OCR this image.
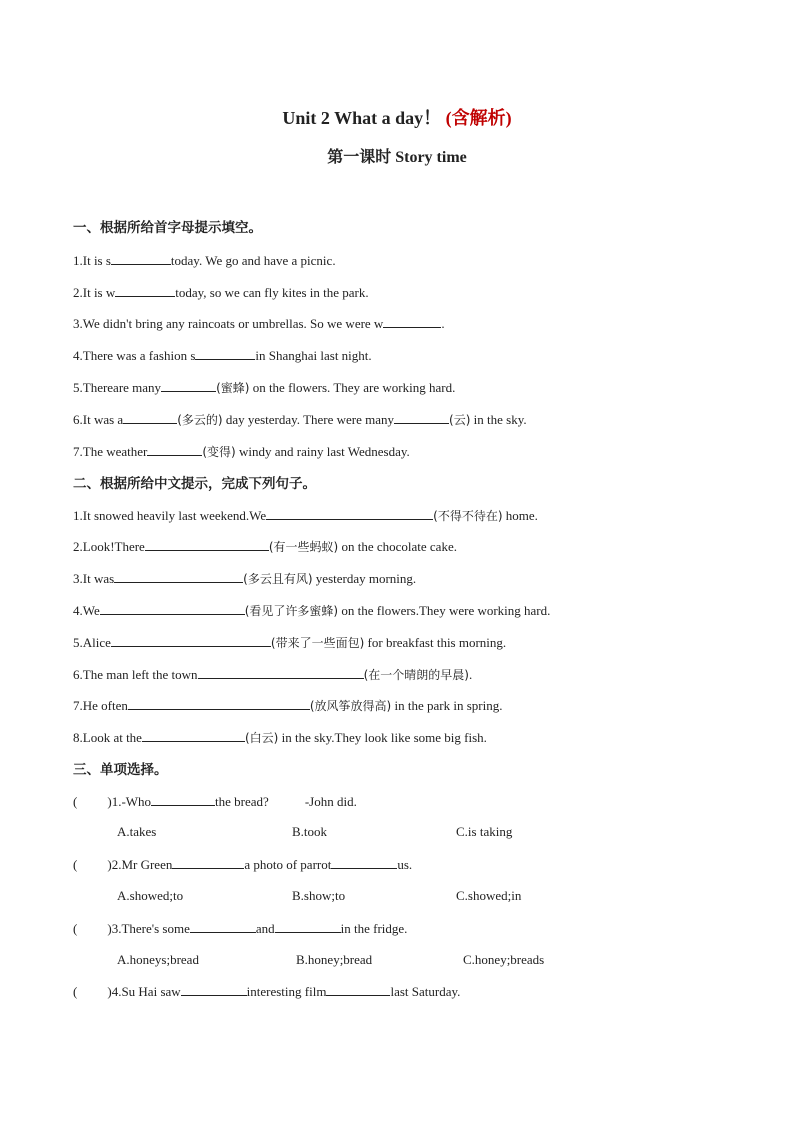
Unit 2 What a day！ (含解析)
第一课时 Story time
一、根据所给首字母提示填空。
1.It is s	today. We go and have a picnic.
2.It is w	today, so we can fly kites in the park.
3.We didn't bring any raincoats or umbrellas. So we were w	.
4.There was a fashion s	in Shanghai last night.
5.Thereare many	(蜜蜂) on the flowers. They are working hard.
6.It was a	(多云的) day yesterday. There were many	(云) in the sky.
7.The weather	(变得) windy and rainy last Wednesday.
二、根据所给中文提示，完成下列句子。
1.It snowed heavily last weekend.We	(不得不待在) home.
2.Look!There	(有一些蚂蚁) on the chocolate cake.
3.It was	(多云且有风) yesterday morning.
4.We	(看见了许多蜜蜂) on the flowers.They were working hard.
5.Alice	(带来了一些面包) for breakfast this morning.
6.The man left the town	(在一个晴朗的早晨).
7.He often	(放风筝放得高) in the park in spring.
8.Look at the	(白云) in the sky.They look like some big fish.
三、单项选择。
( )1.-Who	the bread?	-John did.
A.takes	B.took	C.is taking
( )2.Mr Green	a photo of parrot	us.
A.showed;to	B.show;to	C.showed;in
( )3.There's some	and	in the fridge.
A.honeys;bread	B.honey;bread	C.honey;breads
( )4.Su Hai saw	interesting film	last Saturday.
